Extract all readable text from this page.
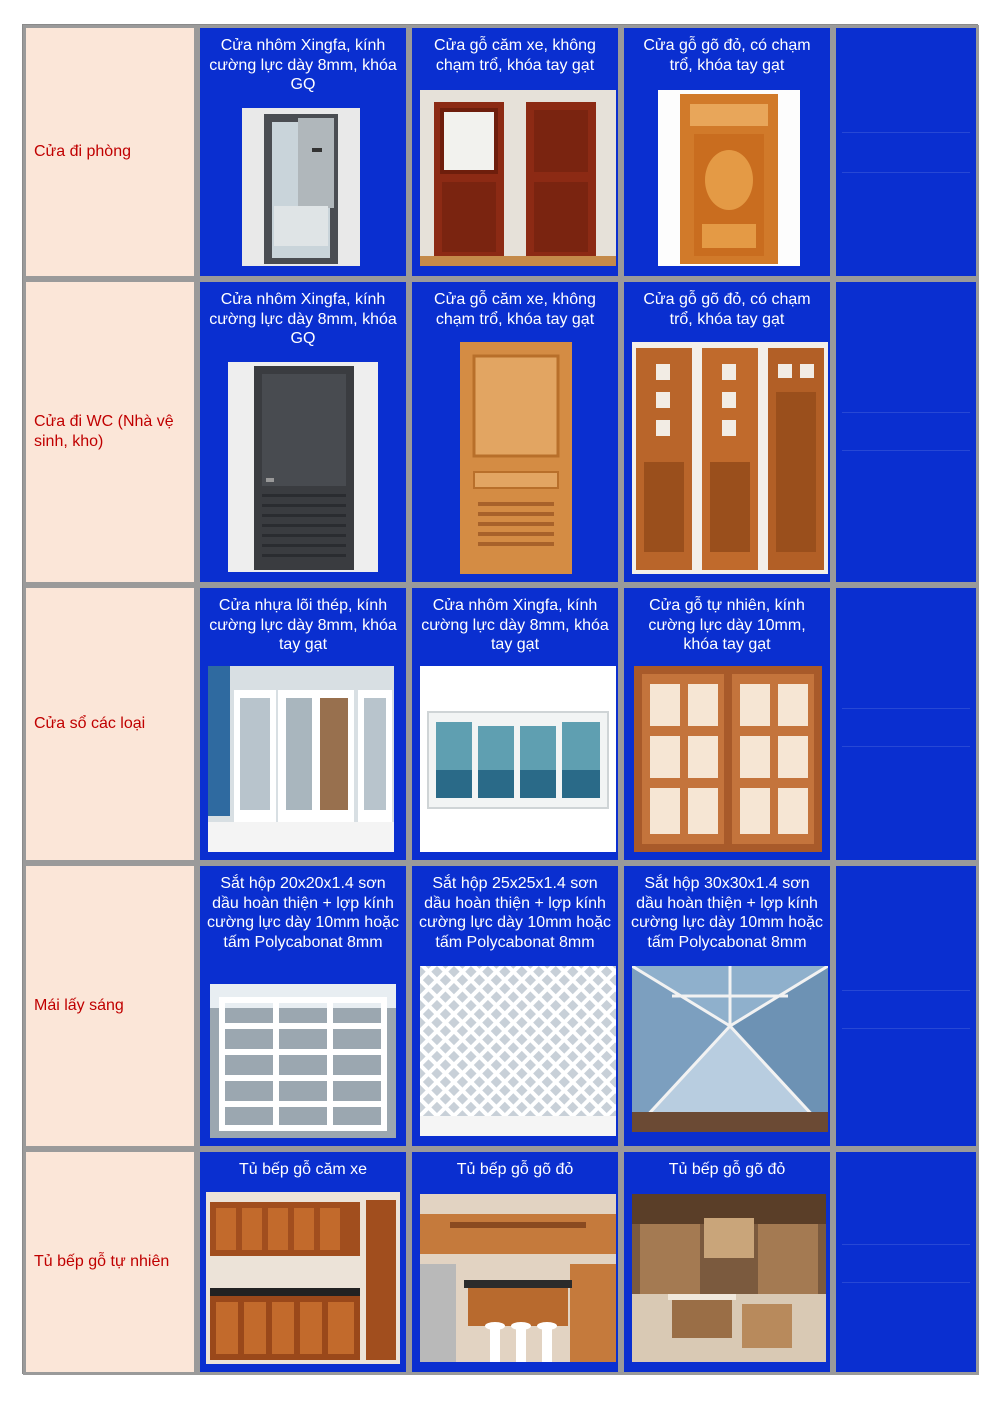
Cửa đi phòng
Cửa nhôm Xingfa, kính cường lực dày 8mm, khóa GQ
Cửa gỗ căm xe, không chạm trổ, khóa tay gạt
Cửa gỗ gõ đỏ, có chạm trổ, khóa tay gạt
Cửa đi WC (Nhà vệ sinh, kho)
Cửa nhôm Xingfa, kính cường lực dày 8mm, khóa GQ
Cửa gỗ căm xe, không chạm trổ, khóa tay gạt
Cửa gỗ gõ đỏ, có chạm trổ, khóa tay gạt
Cửa sổ các loại
Cửa nhựa lõi thép, kính cường lực dày 8mm, khóa tay gạt
Cửa nhôm Xingfa, kính cường lực dày 8mm, khóa tay gạt
Cửa gỗ tự nhiên, kính cường lực dày 10mm, khóa tay gạt
Mái lấy sáng
Sắt hộp 20x20x1.4 sơn dầu hoàn thiện + lợp kính cường lực dày 10mm hoặc tấm Polycabonat 8mm
Sắt hộp 25x25x1.4 sơn dầu hoàn thiện + lợp kính cường lực dày 10mm hoặc tấm Polycabonat 8mm
Sắt hộp 30x30x1.4 sơn dầu hoàn thiện + lợp kính cường lực dày 10mm hoặc tấm Polycabonat 8mm
Tủ bếp gỗ tự nhiên
Tủ bếp gỗ căm xe	Tủ bếp gỗ gõ đỏ	Tủ bếp gỗ gõ đỏ
